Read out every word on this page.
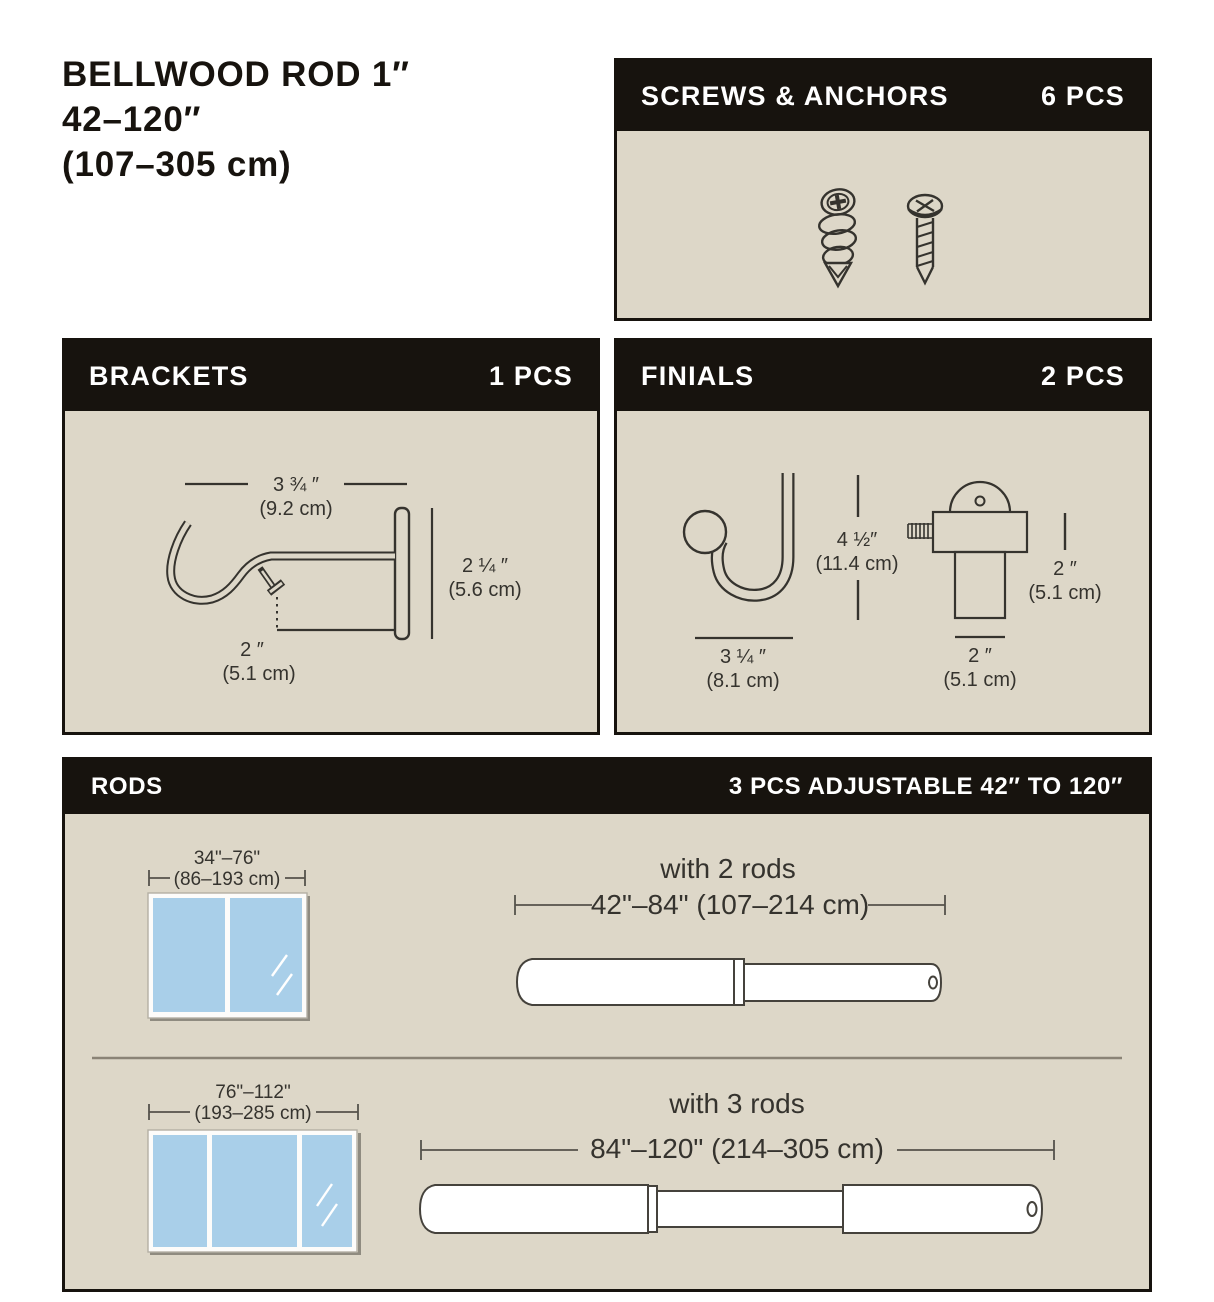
BELLWOOD ROD 1″
42–120″
(107–305 cm)
SCREWS & ANCHORS	6 PCS
BRACKETS	1 PCS
3 ¾ ″
(9.2 cm)
2 ″
(5.1 cm)
2 ¼ ″
(5.6 cm)
FINIALS	2 PCS
3 ¼ ″
(8.1 cm)
4 ½″
(11.4 cm)
2 ″
(5.1 cm)
2 ″
(5.1 cm)
RODS	3 PCS ADJUSTABLE 42″ TO 120″
34"–76"
(86–193 cm)	with 2 rods
42"–84" (107–214 cm)
76"–112"
(193–285 cm)	with 3 rods
84"–120" (214–305 cm)
